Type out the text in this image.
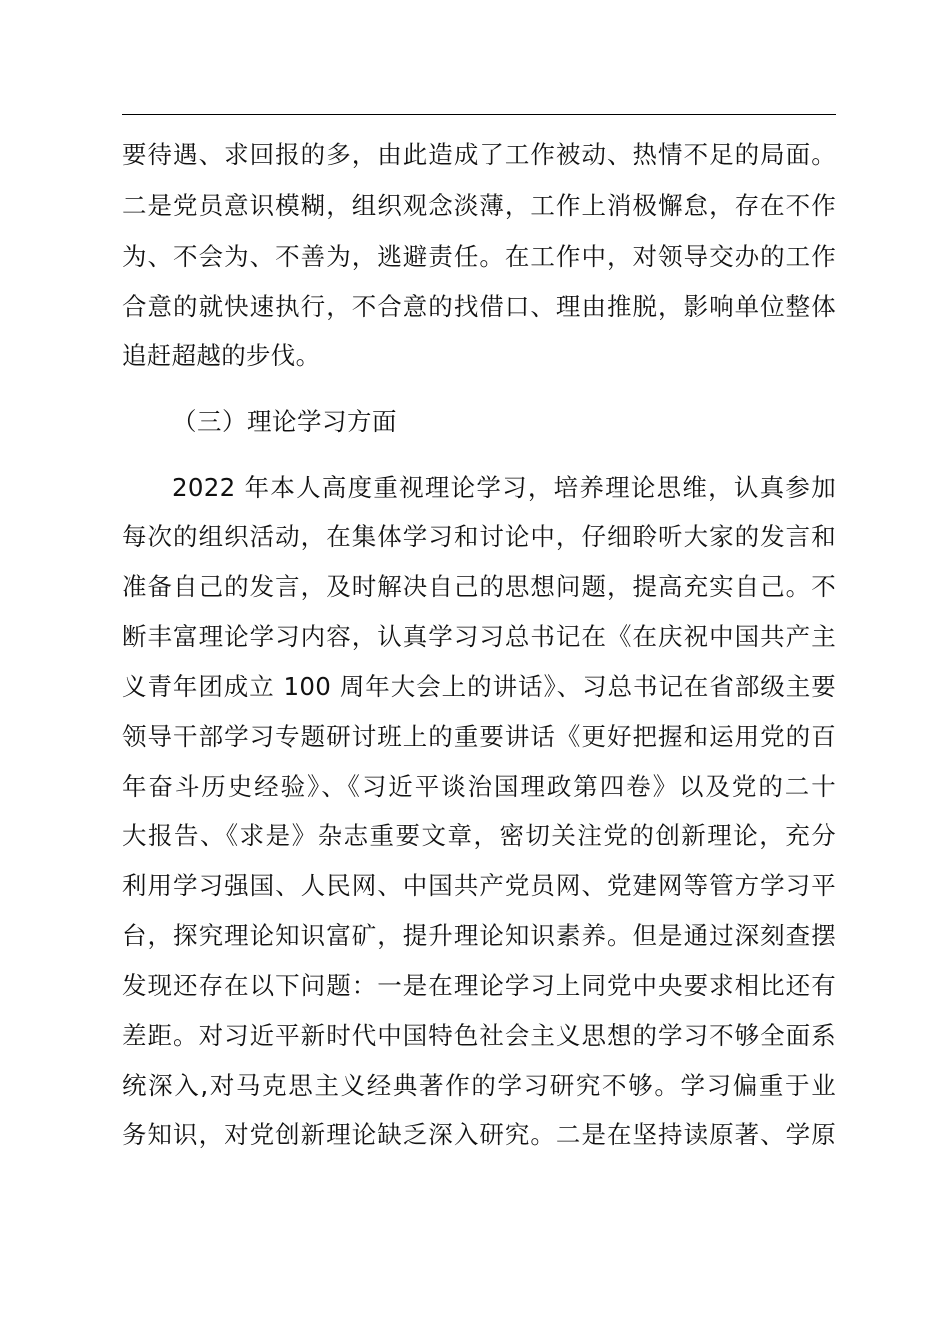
要待遇、求回报的多，由此造成了工作被动、热情不足的局面。
二是党员意识模糊，组织观念淡薄，工作上消极懈怠，存在不作
为、不会为、不善为，逃避责任。在工作中，对领导交办的工作
合意的就快速执行，不合意的找借口、理由推脱，影响单位整体
追赶超越的步伐。
（三）理论学习方面
2022 年本人高度重视理论学习，培养理论思维，认真参加
每次的组织活动，在集体学习和讨论中，仔细聆听大家的发言和
准备自己的发言，及时解决自己的思想问题，提高充实自己。不
断丰富理论学习内容，认真学习习总书记在《在庆祝中国共产主
义青年团成立 100 周年大会上的讲话》、习总书记在省部级主要
领导干部学习专题研讨班上的重要讲话《更好把握和运用党的百
年奋斗历史经验》、《习近平谈治国理政第四卷》以及党的二十
大报告、《求是》杂志重要文章，密切关注党的创新理论，充分
利用学习强国、人民网、中国共产党员网、党建网等管方学习平
台，探究理论知识富矿，提升理论知识素养。但是通过深刻查摆
发现还存在以下问题：一是在理论学习上同党中央要求相比还有
差距。对习近平新时代中国特色社会主义思想的学习不够全面系
统深入,对马克思主义经典著作的学习研究不够。学习偏重于业
务知识，对党创新理论缺乏深入研究。二是在坚持读原著、学原
